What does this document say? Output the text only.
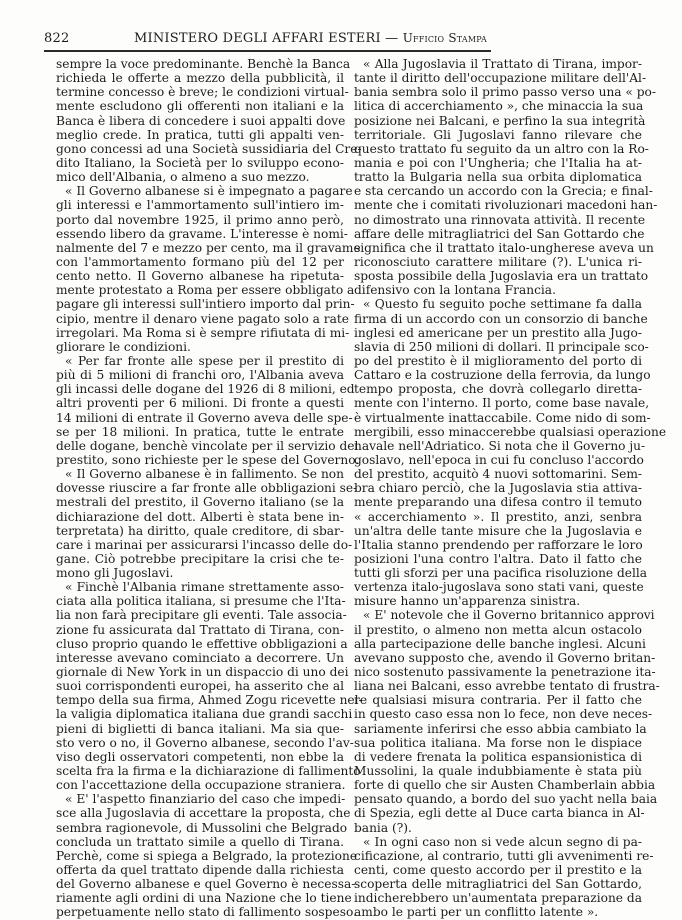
822	MINISTERO DEGLI AFFARI ESTERI — Ufficio Stampa
sempre la voce predominante. Benchè la Banca
richieda le offerte a mezzo della pubblicità, il
termine concesso è breve; le condizioni virtual-
mente escludono gli offerenti non italiani e la
Banca è libera di concedere i suoi appalti dove
meglio crede. In pratica, tutti gli appalti ven-
gono concessi ad una Società sussidiaria del Cre-
dito Italiano, la Società per lo sviluppo econo-
mico dell'Albania, o almeno a suo mezzo.
« Il Governo albanese si è impegnato a pagare
gli interessi e l'ammortamento sull'intiero im-
porto dal novembre 1925, il primo anno però,
essendo libero da gravame. L'interesse è nomi-
nalmente del 7 e mezzo per cento, ma il gravame
con l'ammortamento formano più del 12 per
cento netto. Il Governo albanese ha ripetuta-
mente protestato a Roma per essere obbligato a
pagare gli interessi sull'intiero importo dal prin-
cipio, mentre il denaro viene pagato solo a rate
irregolari. Ma Roma si è sempre rifiutata di mi-
gliorare le condizioni.
« Per far fronte alle spese per il prestito di
più di 5 milioni di franchi oro, l'Albania aveva
gli incassi delle dogane del 1926 di 8 milioni, ed
altri proventi per 6 milioni. Di fronte a questi
14 milioni di entrate il Governo aveva delle spe-
se per 18 milioni. In pratica, tutte le entrate
delle dogane, benchè vincolate per il servizio del
prestito, sono richieste per le spese del Governo.
« Il Governo albanese è in fallimento. Se non
dovesse riuscire a far fronte alle obbligazioni se-
mestrali del prestito, il Governo italiano (se la
dichiarazione del dott. Alberti è stata bene in-
terpretata) ha diritto, quale creditore, di sbar-
care i marinai per assicurarsi l'incasso delle do-
gane. Ciò potrebbe precipitare la crisi che te-
mono gli Jugoslavi.
« Finchè l'Albania rimane strettamente asso-
ciata alla politica italiana, si presume che l'Ita-
lia non farà precipitare gli eventi. Tale associa-
zione fu assicurata dal Trattato di Tirana, con-
cluso proprio quando le effettive obbligazioni a
interesse avevano cominciato a decorrere. Un
giornale di New York in un dispaccio di uno dei
suoi corrispondenti europei, ha asserito che al
tempo della sua firma, Ahmed Zogu ricevette nel-
la valigia diplomatica italiana due grandi sacchi
pieni di biglietti di banca italiani. Ma sia que-
sto vero o no, il Governo albanese, secondo l'av-
viso degli osservatori competenti, non ebbe la
scelta fra la firma e la dichiarazione di fallimento
con l'accettazione della occupazione straniera.
« E' l'aspetto finanziario del caso che impedi-
sce alla Jugoslavia di accettare la proposta, che
sembra ragionevole, di Mussolini che Belgrado
concluda un trattato simile a quello di Tirana.
Perchè, come si spiega a Belgrado, la protezione
offerta da quel trattato dipende dalla richiesta
del Governo albanese e quel Governo è necessa-
riamente agli ordini di una Nazione che lo tiene
perpetuamente nello stato di fallimento sospeso.
« Alla Jugoslavia il Trattato di Tirana, impor-
tante il diritto dell'occupazione militare dell'Al-
bania sembra solo il primo passo verso una « po-
litica di accerchiamento », che minaccia la sua
posizione nei Balcani, e perfino la sua integrità
territoriale. Gli Jugoslavi fanno rilevare che
questo trattato fu seguito da un altro con la Ro-
mania e poi con l'Ungheria; che l'Italia ha at-
tratto la Bulgaria nella sua orbita diplomatica
e sta cercando un accordo con la Grecia; e final-
mente che i comitati rivoluzionari macedoni han-
no dimostrato una rinnovata attività. Il recente
affare delle mitragliatrici del San Gottardo che
significa che il trattato italo-ungherese aveva un
riconosciuto carattere militare (?). L'unica ri-
sposta possibile della Jugoslavia era un trattato
difensivo con la lontana Francia.
« Questo fu seguito poche settimane fa dalla
firma di un accordo con un consorzio di banche
inglesi ed americane per un prestito alla Jugo-
slavia di 250 milioni di dollari. Il principale sco-
po del prestito è il miglioramento del porto di
Cattaro e la costruzione della ferrovia, da lungo
tempo proposta, che dovrà collegarlo diretta-
mente con l'interno. Il porto, come base navale,
è virtualmente inattaccabile. Come nido di som-
mergibili, esso minaccerebbe qualsiasi operazione
navale nell'Adriatico. Si nota che il Governo ju-
goslavo, nell'epoca in cui fu concluso l'accordo
del prestito, acquitò 4 nuovi sottomarini. Sem-
bra chiaro perciò, che la Jugoslavia stia attiva-
mente preparando una difesa contro il temuto
« accerchiamento ». Il prestito, anzi, senbra
un'altra delle tante misure che la Jugoslavia e
l'Italia stanno prendendo per rafforzare le loro
posizioni l'una contro l'altra. Dato il fatto che
tutti gli sforzi per una pacifica risoluzione della
vertenza italo-jugoslava sono stati vani, queste
misure hanno un'apparenza sinistra.
« E' notevole che il Governo britannico approvi
il prestito, o almeno non metta alcun ostacolo
alla partecipazione delle banche inglesi. Alcuni
avevano supposto che, avendo il Governo britan-
nico sostenuto passivamente la penetrazione ita-
liana nei Balcani, esso avrebbe tentato di frustra-
re qualsiasi misura contraria. Per il fatto che
in questo caso essa non lo fece, non deve neces-
sariamente inferirsi che esso abbia cambiato la
sua politica italiana. Ma forse non le dispiace
di vedere frenata la politica espansionistica di
Mussolini, la quale indubbiamente è stata più
forte di quello che sir Austen Chamberlain abbia
pensato quando, a bordo del suo yacht nella baia
di Spezia, egli dette al Duce carta bianca in Al-
bania (?).
« In ogni caso non si vede alcun segno di pa-
cificazione, al contrario, tutti gli avvenimenti re-
centi, come questo accordo per il prestito e la
scoperta delle mitragliatrici del San Gottardo,
indicherebbero un'aumentata preparazione da
ambo le parti per un conflitto latente ».
